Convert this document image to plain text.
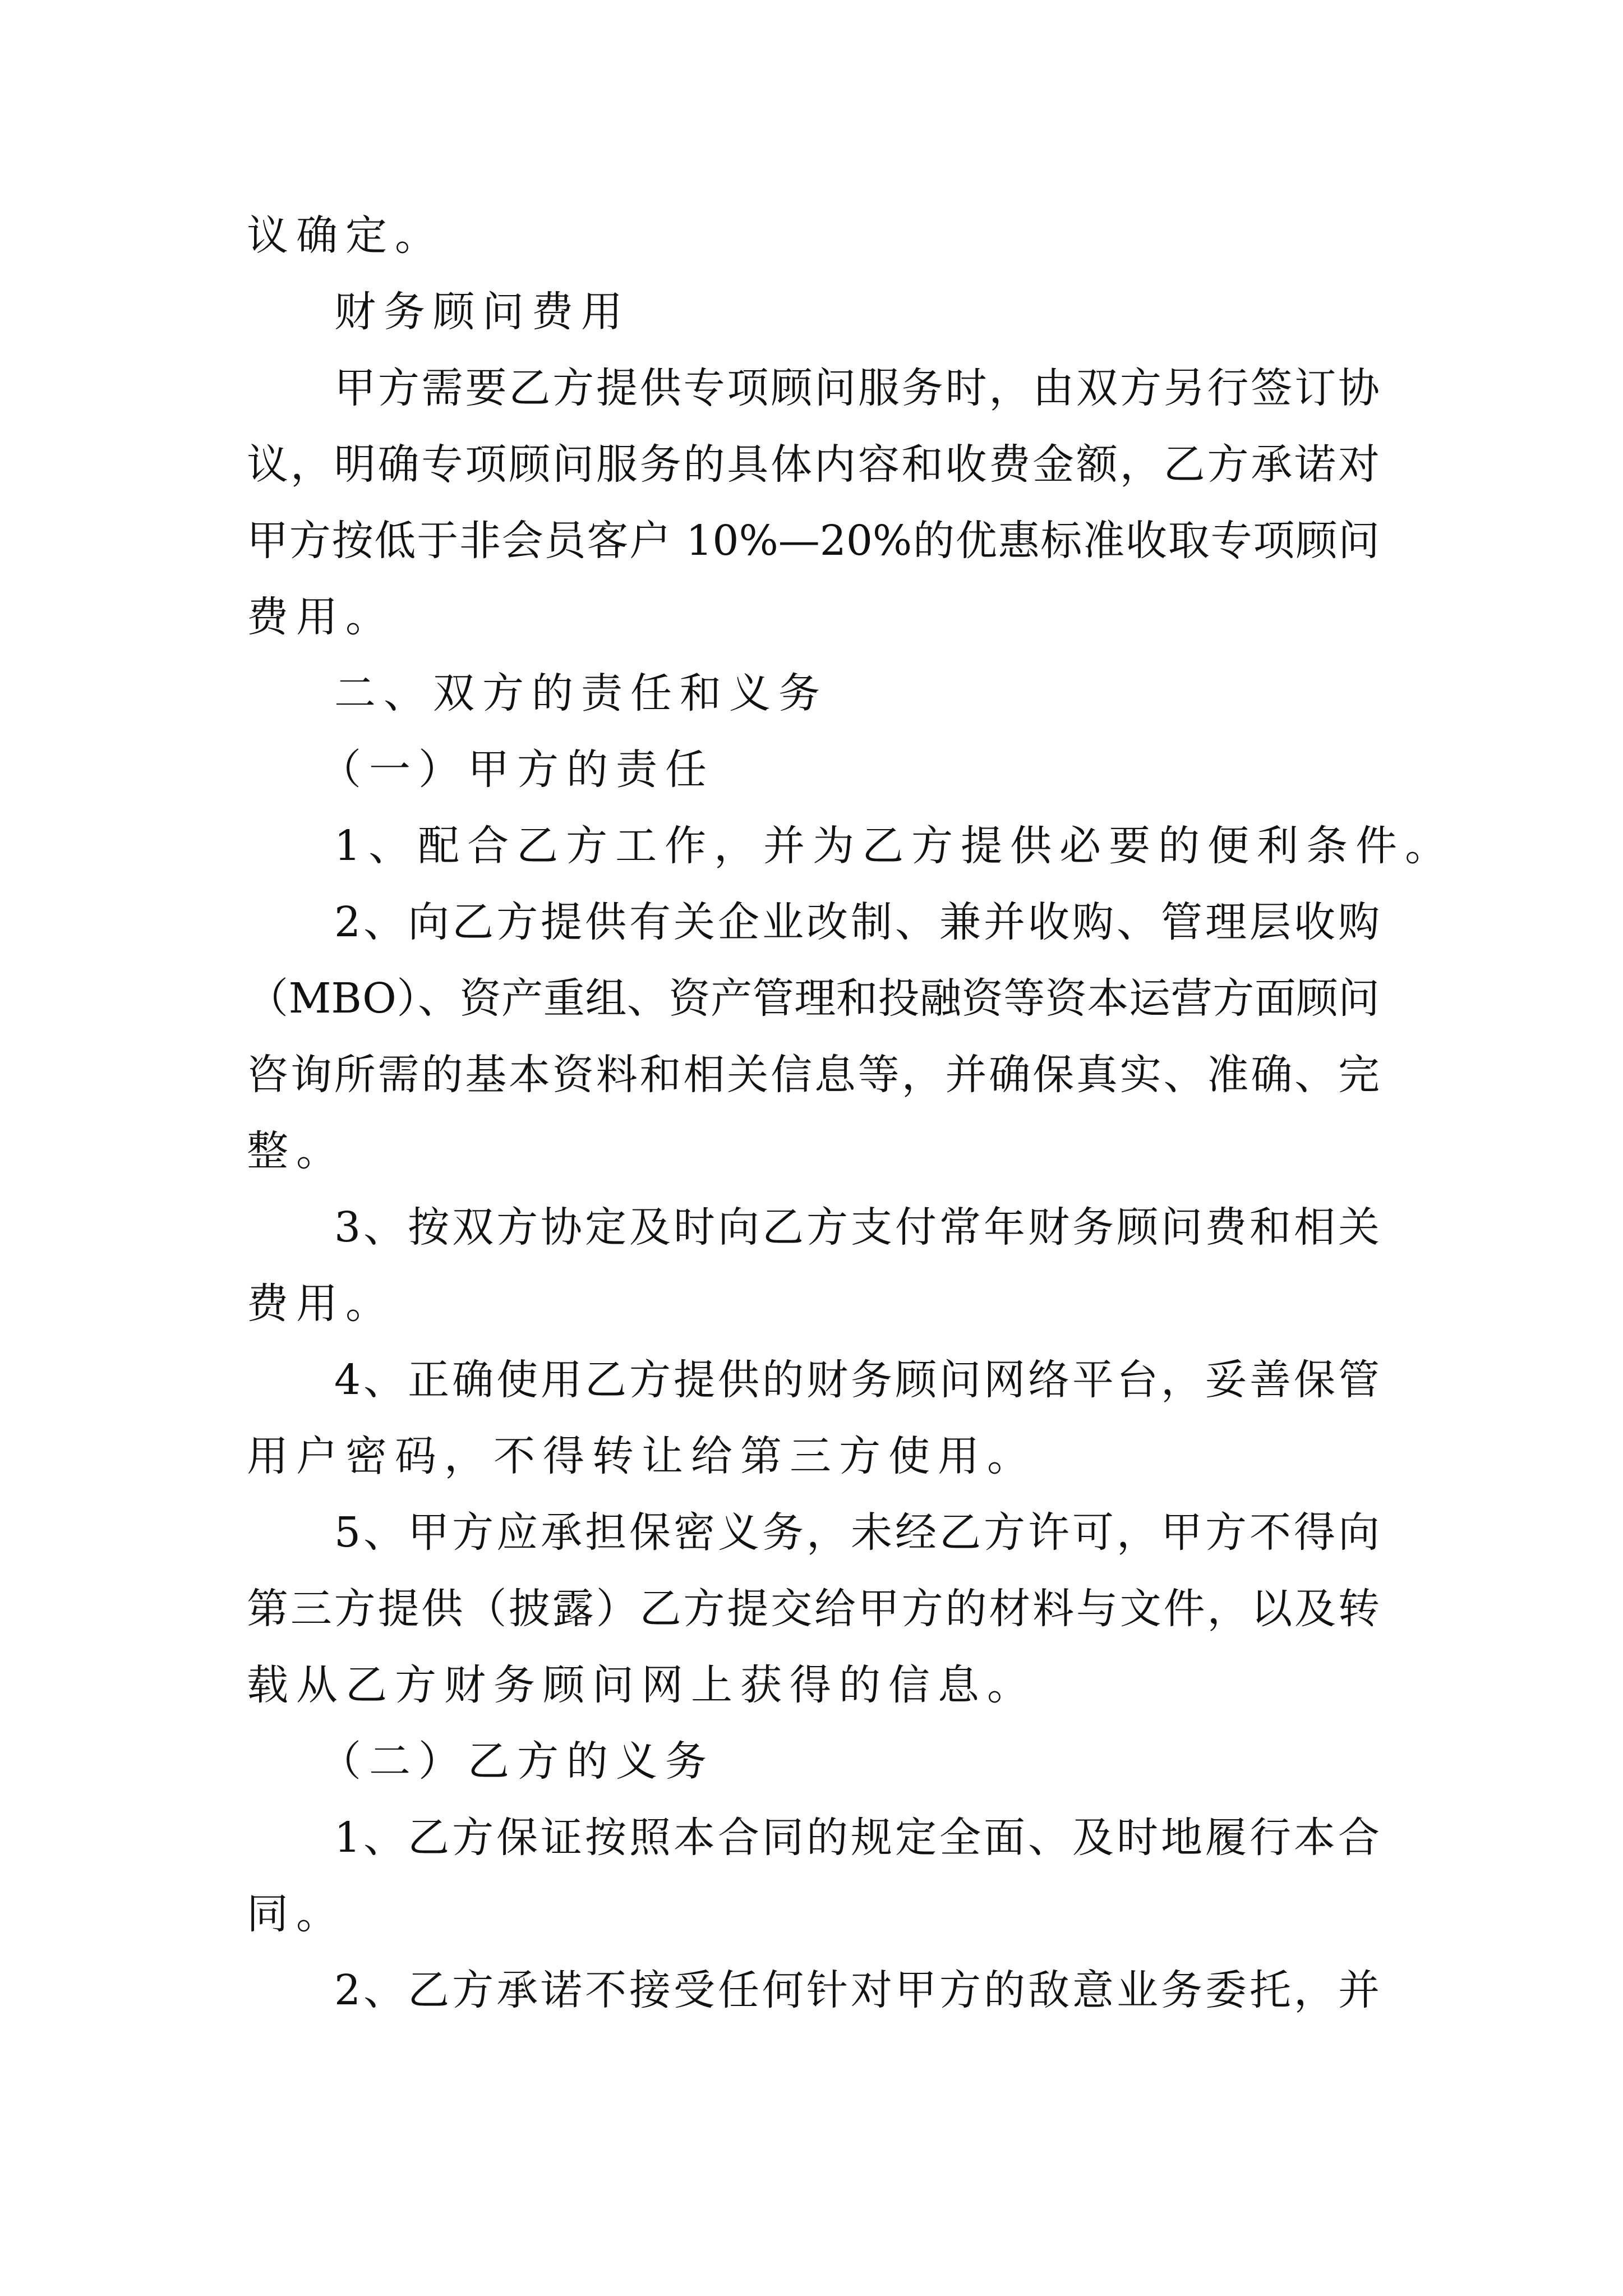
议确定。

财务顾问费用

甲方需要乙方提供专项顾问服务时，由双方另行签订协

议，明确专项顾问服务的具体内容和收费金额，乙方承诺对

甲方按低于非会员客户 10%—20%的优惠标准收取专项顾问

费用。

二、双方的责任和义务

（一）甲方的责任

1、配合乙方工作，并为乙方提供必要的便利条件。

2、向乙方提供有关企业改制、兼并收购、管理层收购

（MBO）、资产重组、资产管理和投融资等资本运营方面顾问

咨询所需的基本资料和相关信息等，并确保真实、准确、完

整。

3、按双方协定及时向乙方支付常年财务顾问费和相关

费用。

4、正确使用乙方提供的财务顾问网络平台，妥善保管

用户密码，不得转让给第三方使用。

5、甲方应承担保密义务，未经乙方许可，甲方不得向

第三方提供（披露）乙方提交给甲方的材料与文件，以及转

载从乙方财务顾问网上获得的信息。

（二）乙方的义务

1、乙方保证按照本合同的规定全面、及时地履行本合

同。

2、乙方承诺不接受任何针对甲方的敌意业务委托，并
